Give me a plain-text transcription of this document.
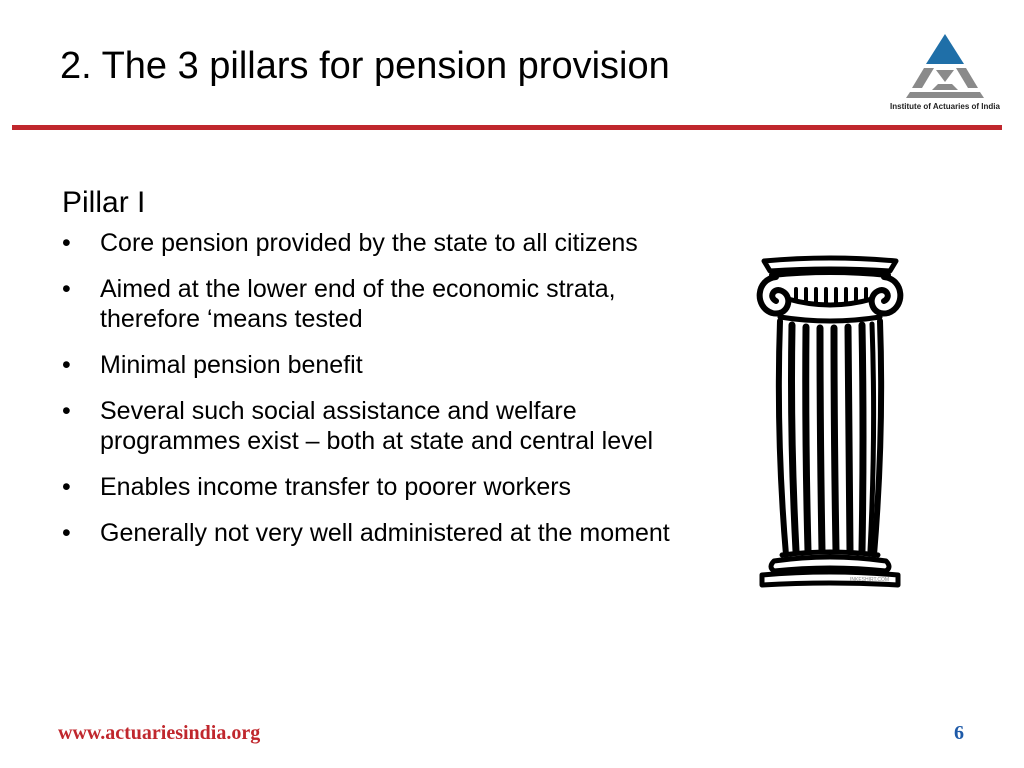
2. The 3 pillars for pension provision
Institute of Actuaries of India
Pillar I
• Core pension provided by the state to all citizens
• Aimed at the lower end of the economic strata, therefore ‘means tested
• Minimal pension benefit
• Several such social assistance and welfare programmes exist – both at state and central level
• Enables income transfer to poorer workers
• Generally not very well administered at the moment
INKESHIRT.COM
www.actuariesindia.org	6
